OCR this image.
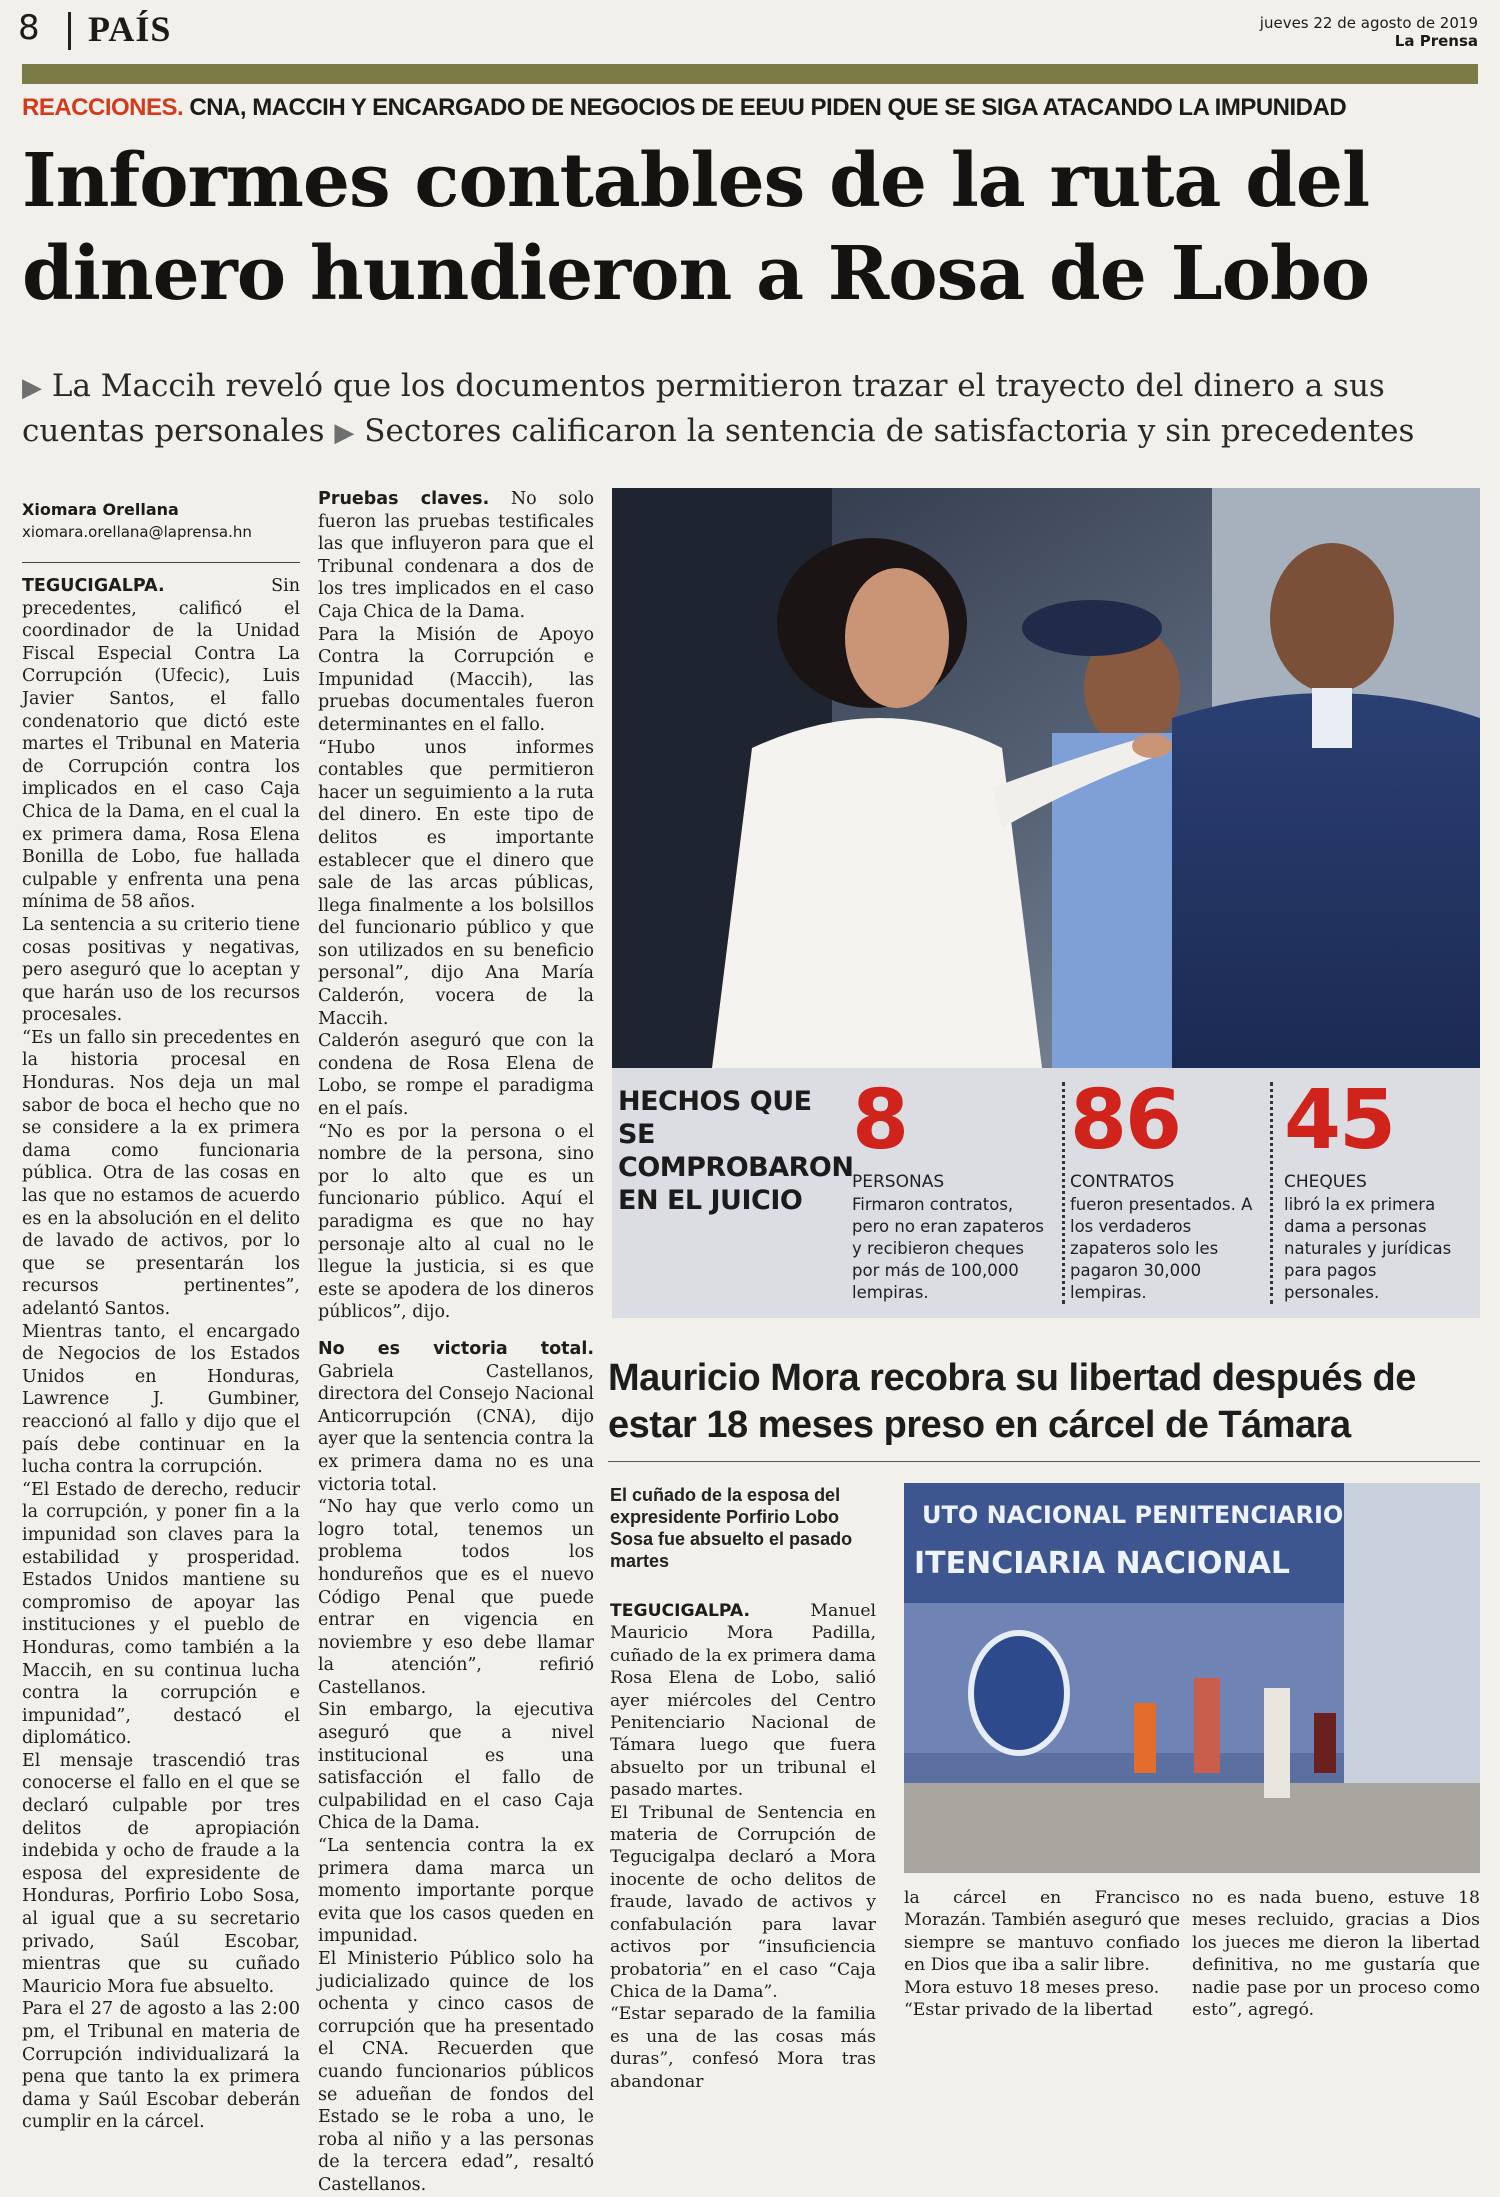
8 PAÍS	jueves 22 de agosto de 2019
La Prensa
REACCIONES. CNA, MACCIH Y ENCARGADO DE NEGOCIOS DE EEUU PIDEN QUE SE SIGA ATACANDO LA IMPUNIDAD
Informes contables de la ruta del
dinero hundieron a Rosa de Lobo
▶ La Maccih reveló que los documentos permitieron trazar el trayecto del dinero a sus
cuentas personales ▶ Sectores calificaron la sentencia de satisfactoria y sin precedentes
Xiomara Orellana
xiomara.orellana@laprensa.hn

TEGUCIGALPA.	Sin precedentes, calificó el coordinador de la Unidad Fiscal Especial Contra La Corrupción (Ufecic), Luis Javier Santos, el fallo condenatorio que dictó este martes el Tribunal en Materia de Corrupción contra los implicados en el caso Caja Chica de la Dama, en el cual la ex primera dama, Rosa Elena Bonilla de Lobo, fue hallada culpable y enfrenta una pena mínima de 58 años.

La sentencia a su criterio tiene cosas positivas y negativas, pero aseguró que lo aceptan y que harán uso de los recursos procesales.

“Es un fallo sin precedentes en la historia procesal en Honduras. Nos deja un mal sabor de boca el hecho que no se considere a la ex primera dama como funcionaria pública. Otra de las cosas en las que no estamos de acuerdo es en la absolución en el delito de lavado de activos, por lo que se presentarán los recursos pertinentes”, adelantó Santos.

Mientras tanto, el encargado de Negocios de los Estados Unidos en Honduras, Lawrence J. Gumbiner, reaccionó al fallo y dijo que el país debe continuar en la lucha contra la corrupción.

“El Estado de derecho, reducir la corrupción, y poner fin a la impunidad son claves para la estabilidad y prosperidad. Estados Unidos mantiene su compromiso de apoyar las instituciones y el pueblo de Honduras, como también a la Maccih, en su continua lucha contra la corrupción e impunidad”, destacó el diplomático.

El mensaje trascendió tras conocerse el fallo en el que se declaró culpable por tres delitos de apropiación indebida y ocho de fraude a la esposa del expresidente de Honduras, Porfirio Lobo Sosa, al igual que a su secretario privado, Saúl Escobar, mientras que su cuñado Mauricio Mora fue absuelto.

Para el 27 de agosto a las 2:00 pm, el Tribunal en materia de Corrupción individualizará la pena que tanto la ex primera dama y Saúl Escobar deberán cumplir en la cárcel.

Pruebas claves. No solo fueron las pruebas testificales las que influyeron para que el Tribunal condenara a dos de los tres implicados en el caso Caja Chica de la Dama.

Para la Misión de Apoyo Contra la Corrupción e Impunidad (Maccih), las pruebas documentales fueron determinantes en el fallo.

“Hubo unos informes contables que permitieron hacer un seguimiento a la ruta del dinero. En este tipo de delitos es importante establecer que el dinero que sale de las arcas públicas, llega finalmente a los bolsillos del funcionario público y que son utilizados en su beneficio personal”, dijo Ana María Calderón, vocera de la Maccih.

Calderón aseguró que con la condena de Rosa Elena de Lobo, se rompe el paradigma en el país.

“No es por la persona o el nombre de la persona, sino por lo alto que es un funcionario público. Aquí el paradigma es que no hay personaje alto al cual no le llegue la justicia, si es que este se apodera de los dineros públicos”, dijo.

No es victoria total. Gabriela Castellanos, directora del Consejo Nacional Anticorrupción (CNA), dijo ayer que la sentencia contra la ex primera dama no es una victoria total.

“No hay que verlo como un logro total, tenemos un problema todos los hondureños que es el nuevo Código Penal que puede entrar en vigencia en noviembre y eso debe llamar la atención”, refirió Castellanos.

Sin embargo, la ejecutiva aseguró que a nivel institucional es una satisfacción el fallo de culpabilidad en el caso Caja Chica de la Dama.

“La sentencia contra la ex primera dama marca un momento importante porque evita que los casos queden en impunidad.

El Ministerio Público solo ha judicializado quince de los ochenta y cinco casos de corrupción que ha presentado el CNA. Recuerden que cuando funcionarios públicos se adueñan de fondos del Estado se le roba a uno, le roba al niño y a las personas de la tercera edad”, resaltó Castellanos.

HECHOS QUE SE COMPROBARON EN EL JUICIO
8
PERSONAS
Firmaron contratos, pero no eran zapateros y recibieron cheques por más de 100,000 lempiras.
86
CONTRATOS
fueron presentados. A los verdaderos zapateros solo les pagaron 30,000 lempiras.
45
CHEQUES
libró la ex primera dama a personas naturales y jurídicas para pagos personales.
Mauricio Mora recobra su libertad después de estar 18 meses preso en cárcel de Támara
El cuñado de la esposa del expresidente Porfirio Lobo Sosa fue absuelto el pasado martes
UTO NACIONAL PENITENCIARIO
ITENCIARIA NACIONAL

TEGUCIGALPA.	Manuel Mauricio Mora Padilla, cuñado de la ex primera dama Rosa Elena de Lobo, salió ayer miércoles del Centro Penitenciario Nacional de Támara luego que fuera absuelto por un tribunal el pasado martes.

El Tribunal de Sentencia en materia de Corrupción de Tegucigalpa declaró a Mora inocente de ocho delitos de fraude, lavado de activos y confabulación para lavar activos por “insuficiencia probatoria” en el caso “Caja Chica de la Dama”.

“Estar separado de la familia es una de las cosas más duras”, confesó Mora tras abandonar

la cárcel en Francisco Morazán. También aseguró que siempre se mantuvo confiado en Dios que iba a salir libre.

Mora estuvo 18 meses preso.

“Estar privado de la libertad

no es nada bueno, estuve 18 meses recluido, gracias a Dios los jueces me dieron la libertad definitiva, no me gustaría que nadie pase por un proceso como esto”, agregó.
